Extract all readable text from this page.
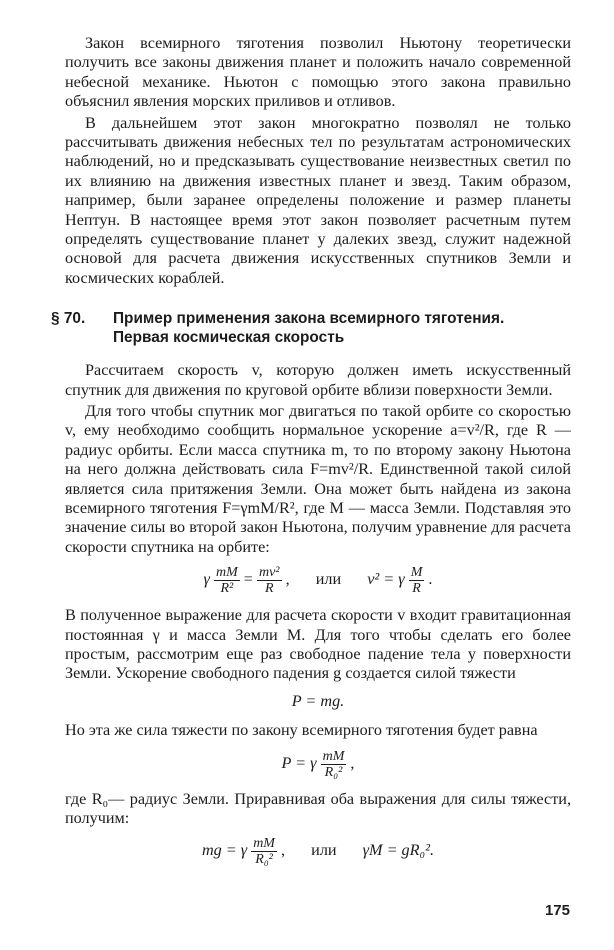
Закон всемирного тяготения позволил Ньютону теоретически получить все законы движения планет и положить начало современной небесной механике. Ньютон с помощью этого закона правильно объяснил явления морских приливов и отливов.

В дальнейшем этот закон многократно позволял не только рассчитывать движения небесных тел по результатам астрономических наблюдений, но и предсказывать существование неизвестных светил по их влиянию на движения известных планет и звезд. Таким образом, например, были заранее определены положение и размер планеты Нептун. В настоящее время этот закон позволяет расчетным путем определять существование планет у далеких звезд, служит надежной основой для расчета движения искусственных спутников Земли и космических кораблей.

§ 70. Пример применения закона всемирного тяготения.
Первая космическая скорость

Рассчитаем скорость v, которую должен иметь искусственный спутник для движения по круговой орбите вблизи поверхности Земли.

Для того чтобы спутник мог двигаться по такой орбите со скоростью v, ему необходимо сообщить нормальное ускорение a=v²/R, где R — радиус орбиты. Если масса спутника m, то по второму закону Ньютона на него должна действовать сила F=mv²/R. Единственной такой силой является сила притяжения Земли. Она может быть найдена из закона всемирного тяготения F=γmM/R², где M — масса Земли. Подставляя это значение силы во второй закон Ньютона, получим уравнение для расчета скорости спутника на орбите:

γ $\frac{mM}{\text{R²}} = \frac{\text{mv²}}{R}$ , или v² = γ $\frac{M}{R}$ .

В полученное выражение для расчета скорости v входит гравитационная постоянная γ и масса Земли M. Для того чтобы сделать его более простым, рассмотрим еще раз свободное падение тела у поверхности Земли. Ускорение свободного падения g создается силой тяжести

P = mg.

Но эта же сила тяжести по закону всемирного тяготения будет равна

P = γ $\frac{mM}{\text{R₀²}}$ ,

где R₀— радиус Земли. Приравнивая оба выражения для силы тяжести, получим:

mg = γ $\frac{mM}{\text{R₀²}}$ , или γM = gR₀².
175
